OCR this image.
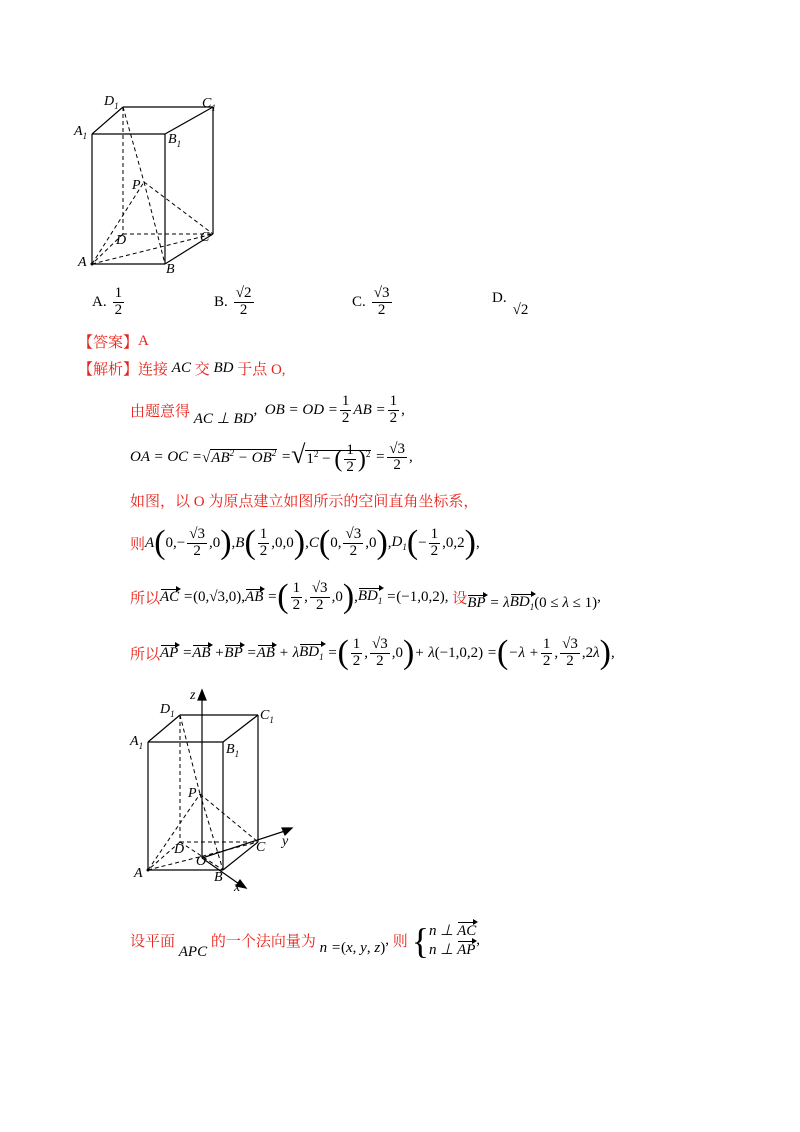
$D_1$	$C_1$
$A_1$	$B_1$
P
D	C
A	B
A. $\frac{1}{2}$	B. $\frac{√2}{2}$	C. $\frac{√3}{2}$	D.
√2
【答案】 A
【解析】 连接 AC 交 BD 于点 O,
由题意得 AC ⊥ BD
, OB = OD = $\frac{1}{2}$ AB = $\frac{1}{2}$ ,
OA = OC = $√AB^2 - OB^2 = √1^2$ − ( $\frac{1}{2} )^2 = \frac{√3}{2}$ ,
如图，以 O 为原点建立如图所示的空间直角坐标系，
则 A ( $0,- \frac{√3}{2} ,0$ ) , B ( $\frac{1}{2} ,0,0$ ) , C ( 0, $\frac{√3}{2} ,0$ ) , $D_1$ ( − $\frac{1}{2} ,0,2$ ) ,
所以 AC = (0,√3,0) , AB = ( $\frac{1}{2}$ , $\frac{√3}{2} ,0$ ) , $BD_1 = (-1,0,2)$ , 设 BP = λ $BD_1$ (0 ≤ λ ≤ 1) ,
所以 AP = AB + BP = AB + λ $BD_1$ = ( $\frac{1}{2}$ , $\frac{√3}{2} ,0$ ) + λ (−1,0,2) = ( $-\lambda + \frac{1}{2}$ , $\frac{√3}{2} ,2$ λ ) ,
z
y
x
$D_1$	$C_1$
$A_1$	$B_1$
P
D
O
C
A	B
设平面
APC
的一个法向量为 n = (x, y, z) , 则 { n ⊥ AC
n ⊥ AP
,
